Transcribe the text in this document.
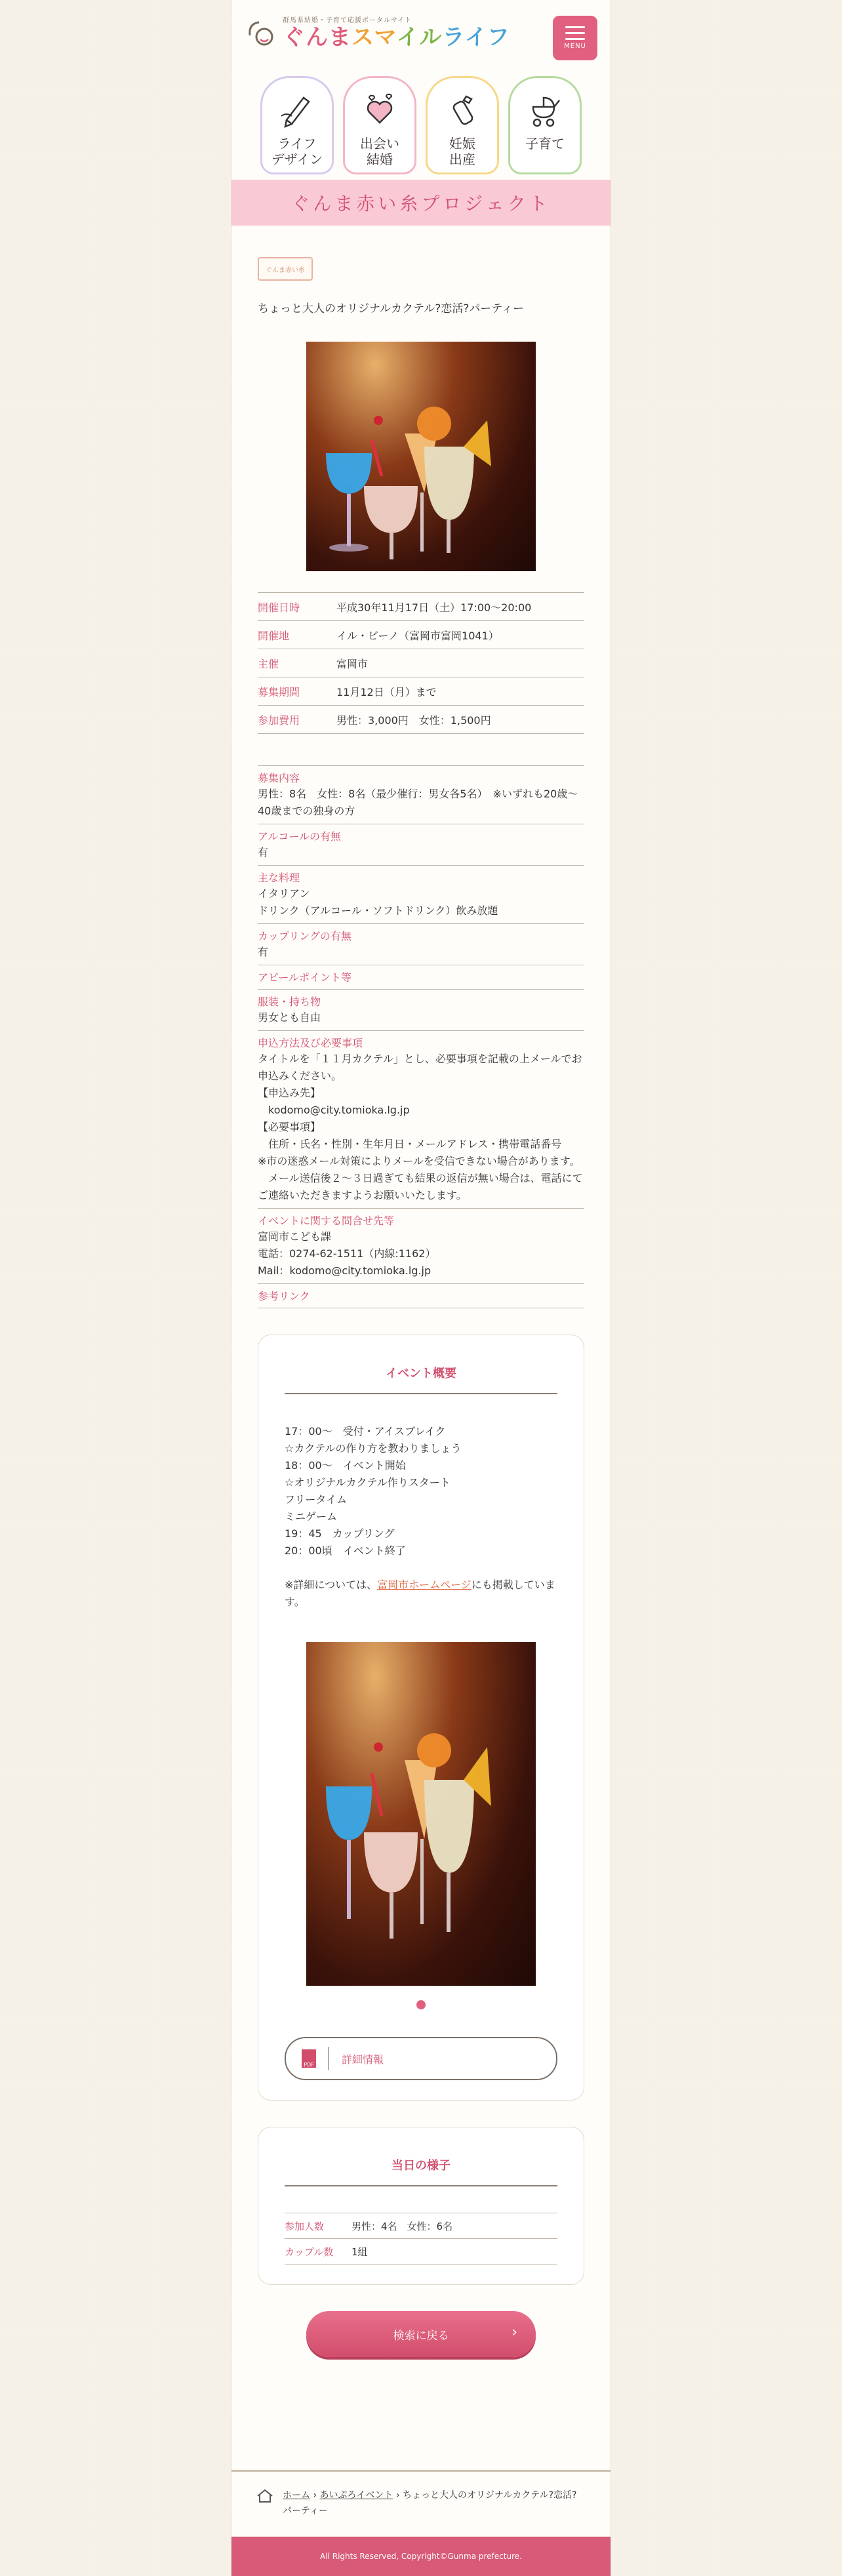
群馬県結婚・子育て応援ポータルサイト
ぐんまスマイルライフ	MENU
ライフ
デザイン
出会い
結婚
妊娠
出産
子育て
ぐんま赤い糸プロジェクト
ぐんま赤い糸
ちょっと大人のオリジナルカクテル?恋活?パーティー
開催日時	平成30年11月17日（土）17:00～20:00
開催地	イル・ビーノ（富岡市富岡1041）
主催	富岡市
募集期間	11月12日（月）まで
参加費用	男性：3,000円　女性：1,500円
募集内容
男性：8名　女性：8名（最少催行：男女各5名）　※いずれも20歳～40歳までの独身の方
アルコールの有無
有
主な料理
イタリアン
ドリンク（アルコール・ソフトドリンク）飲み放題
カップリングの有無
有
アピールポイント等
服装・持ち物
男女とも自由
申込方法及び必要事項
タイトルを「１１月カクテル」とし、必要事項を記載の上メールでお申込みください。
【申込み先】
　kodomo@city.tomioka.lg.jp
【必要事項】
　住所・氏名・性別・生年月日・メールアドレス・携帯電話番号
※市の迷惑メール対策によりメールを受信できない場合があります。
　メール送信後２～３日過ぎても結果の返信が無い場合は、電話にてご連絡いただきますようお願いいたします。
イベントに関する問合せ先等
富岡市こども課
電話：0274-62-1511（内線:1162）
Mail：kodomo@city.tomioka.lg.jp
参考リンク
イベント概要
17：00～　受付・アイスブレイク
☆カクテルの作り方を教わりましょう
18：00～　イベント開始
☆オリジナルカクテル作りスタート
フリータイム
ミニゲーム
19：45　カップリング
20：00頃　イベント終了

※詳細については、富岡市ホームページにも掲載しています。
PDF	詳細情報
当日の様子
参加人数	男性：4名　女性：6名
カップル数	1組
検索に戻る	›
ホーム › あいぷろイベント › ちょっと大人のオリジナルカクテル?恋活?パーティー
All Rights Reserved, Copyright©Gunma prefecture.
